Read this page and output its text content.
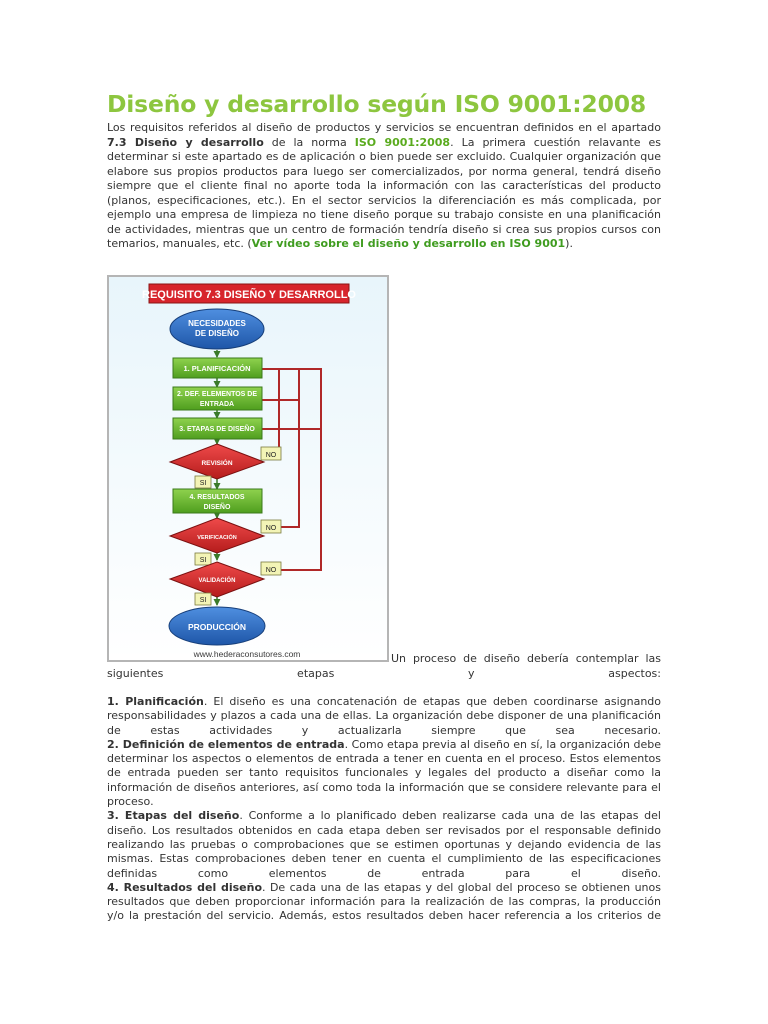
Diseño y desarrollo según ISO 9001:2008

Los requisitos referidos al diseño de productos y servicios se encuentran definidos en el apartado 7.3 Diseño y desarrollo de la norma ISO 9001:2008. La primera cuestión relavante es determinar si este apartado es de aplicación o bien puede ser excluido. Cualquier organización que elabore sus propios productos para luego ser comercializados, por norma general, tendrá diseño siempre que el cliente final no aporte toda la información con las características del producto (planos, especificaciones, etc.). En el sector servicios la diferenciación es más complicada, por ejemplo una empresa de limpieza no tiene diseño porque su trabajo consiste en una planificación de actividades, mientras que un centro de formación tendría diseño si crea sus propios cursos con temarios, manuales, etc. (Ver vídeo sobre el diseño y desarrollo en ISO 9001).

REQUISITO 7.3 DISEÑO Y DESARROLLO
NECESIDADES
DE DISEÑO
1. PLANIFICACIÓN
2. DEF. ELEMENTOS DE
ENTRADA
3. ETAPAS DE DISEÑO
REVISIÓN
NO
SI
4. RESULTADOS
DISEÑO
VERIFICACIÓN
NO
SI
VALIDACIÓN
NO
SI
PRODUCCIÓN
www.hederaconsutores.com	Un proceso de diseño debería contemplar las
siguientes etapas y aspectos:

1. Planificación. El diseño es una concatenación de etapas que deben coordinarse asignando responsabilidades y plazos a cada una de ellas. La organización debe disponer de una planificación de estas actividades y actualizarla siempre que sea necesario.

2. Definición de elementos de entrada. Como etapa previa al diseño en sí, la organización debe determinar los aspectos o elementos de entrada a tener en cuenta en el proceso. Estos elementos de entrada pueden ser tanto requisitos funcionales y legales del producto a diseñar como la información de diseños anteriores, así como toda la información que se considere relevante para el proceso.

3. Etapas del diseño. Conforme a lo planificado deben realizarse cada una de las etapas del diseño. Los resultados obtenidos en cada etapa deben ser revisados por el responsable definido realizando las pruebas o comprobaciones que se estimen oportunas y dejando evidencia de las mismas. Estas comprobaciones deben tener en cuenta el cumplimiento de las especificaciones definidas como elementos de entrada para el diseño.

4. Resultados del diseño. De cada una de las etapas y del global del proceso se obtienen unos resultados que deben proporcionar información para la realización de las compras, la producción y/o la prestación del servicio. Además, estos resultados deben hacer referencia a los criterios de
